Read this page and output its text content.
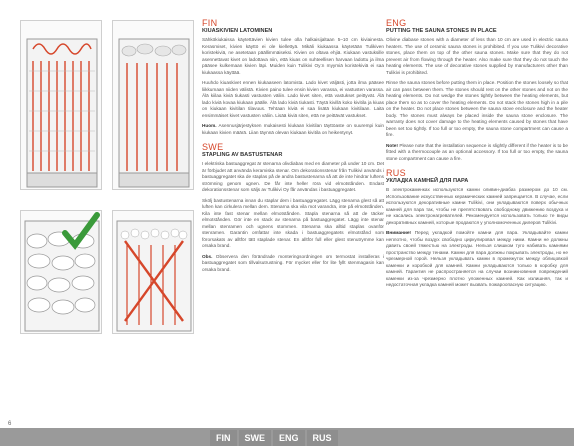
FIN
KIUASKIVIEN LATOMINEN

Sähkökiukaissa käytettävien kivien tulee olla halkaisijaltaan 5–10 cm kiviainesta. Kerasmiset, kivien käyttö ei ole kiellettyä. Mikäli kiukaassa käytetään Tulikiven koristekiviä, ne asetetaan päällimmäiseksi. Kivien on oltava ehjiä. Kiukaan vastuksille asennettavat kivet on ladottava niin, että kiuas on suhteellisen harvaan ladottu ja ilma pääsee kulkemaan kivien läpi. Muiden kuin Tulikivi Oy:n myymiä koristekiviä ei saa kiukaassa käyttää.

Huuhdo kiuaskivet ennen kiukaaseen latomista. Lado kivet väljästi, jotta ilma pääsee liikkumaan niiden välistä. Kivien paino tulee ensin kivien varassa, ei vastusten varassa. Älä kiilaa kiviä tiukasti vastusten väliin. Lado kivet siten, että vastukset peittyvät. Älä lado kiviä kovaa kiukaan päälle. Älä lado kiviä tiukasti. Täytä kivillä koko kivitila ja kiuas on kiukaan kivitilan tilavuus. Tehtaan kiviä ei saa lisätä kiukaan kivitilaan. Laita ensimmäiset kivet vastusten väliin. Lisää kiviä siten, että ne peittävät vastukset.

Huom. Asennusjärjestyksen mukaisesti kiukaan kivitilan täyttöaste on suurempi kuin kiukaan kivien määrä. Liian täynnä olevan kiukaan kivitila on heikentynyt.

SWE
STAPLING AV BASTUSTENAR

I elektriska bastuaggregat är stenarna olivdiabas med en diameter på under 10 cm. Det är förbjudet att använda keramiska stenar. Om dekorationsstenar från Tulikivi används i bastuaggregatet ska de staplas på de andra bastustenarna så att de inte hindrar luftens strömning genom ugnen. De får inte heller röra vid elmotstånden. Endast dekorationsstenar som säljs av Tulikivi Oy får användas i bastuaggregatet.

Skölj bastustenarna innan du staplar dem i bastuaggregatet. Lägg stenarna glest så att luften kan cirkulera mellan dem. Stenarna ska vila mot varandra, inte på elmotstånden. Kila inte fast stenar mellan elmotstånden. Stapla stenarna så att de täcker elmotstånden. Gör inte en stack av stenarna på bastuaggregatet. Lägg inte stenar mellan stenramen och ugnens stommen. Stenarna ska alltid staplas ovanför stenramen. Garantin omfattar inte skada i bastuaggregatets elmotstånd som förorsakats av alltför tätt staplade stenar. En alltför full eller glest stenutrymme kan orsaka brand.

Obs. Observera den förändrade monteringsordningen om termostat installeras i bastuaggregatet som tillvalsutrustning. För mycket eller för lite fyllt stenmagasin kan orsaka brand.

ENG
PUTTING THE SAUNA STONES IN PLACE

Olivine diabase stones with a diameter of less than 10 cm are used in electric sauna heaters. The use of ceramic sauna stones is prohibited. If you use Tulikivi decorative stones, place them on top of the other sauna stones. Make sure that they do not prevent air from flowing through the heater. Also make sure that they do not touch the heating elements. The use of decorative stones supplied by manufacturers other than Tulikivi is prohibited.

Rinse the sauna stones before putting them in place. Position the stones loosely so that air can pass between them. The stones should rest on the other stones and not on the heating elements. Do not wedge the stones tightly between the heating elements, but place them so as to cover the heating elements. Do not stack the stones high in a pile on the heater. Do not place stones between the sauna stove enclosure and the heater body. The stones must always be placed inside the sauna stone enclosure. The warranty does not cover damage to the heating elements caused by stones that have been set too tightly. If too full or too empty, the sauna stone compartment can cause a fire.

Note! Please note that the installation sequence is slightly different if the heater is to be fitted with a thermocouple as an optional accessory. If too full or too empty, the sauna stone compartment can cause a fire.

RUS
УКЛАДКА КАМНЕЙ ДЛЯ ПАРА

В электрокаменках используются камни оливин-диабаз размером до 10 см. Использование искусственных керамических камней запрещается. В случае, если используются декоративные камни Tulikivi, они укладываются поверх обычных камней для пара так, чтобы не препятствовать свободному движению воздуха и не касались электронагревателей. Рекомендуется использовать только те виды декоративных камней, которые продаются у уполномоченных дилеров Tulikivi.

Внимание! Перед укладкой помойте камни для пара. Укладывайте камни неплотно, чтобы воздух свободно циркулировал между ними. Камни не должны давить своей тяжестью на электроды. Нельзя слишком туго набивать камнями пространство между тенами. Камни для пара должны покрывать электроды, но не чрезмерной горой. Нельзя укладывать камни в промежуток между облицовкой каменки и коробкой для камней. Камни укладываются только в коробку для камней. Гарантия не распространяется на случаи возникновения повреждений каменки из-за чрезмерно плотно уложенных камней. Как излишняя, так и недостаточная укладка камней может вызвать пожароопасную ситуацию.

6
FIN	SWE	ENG	RUS
